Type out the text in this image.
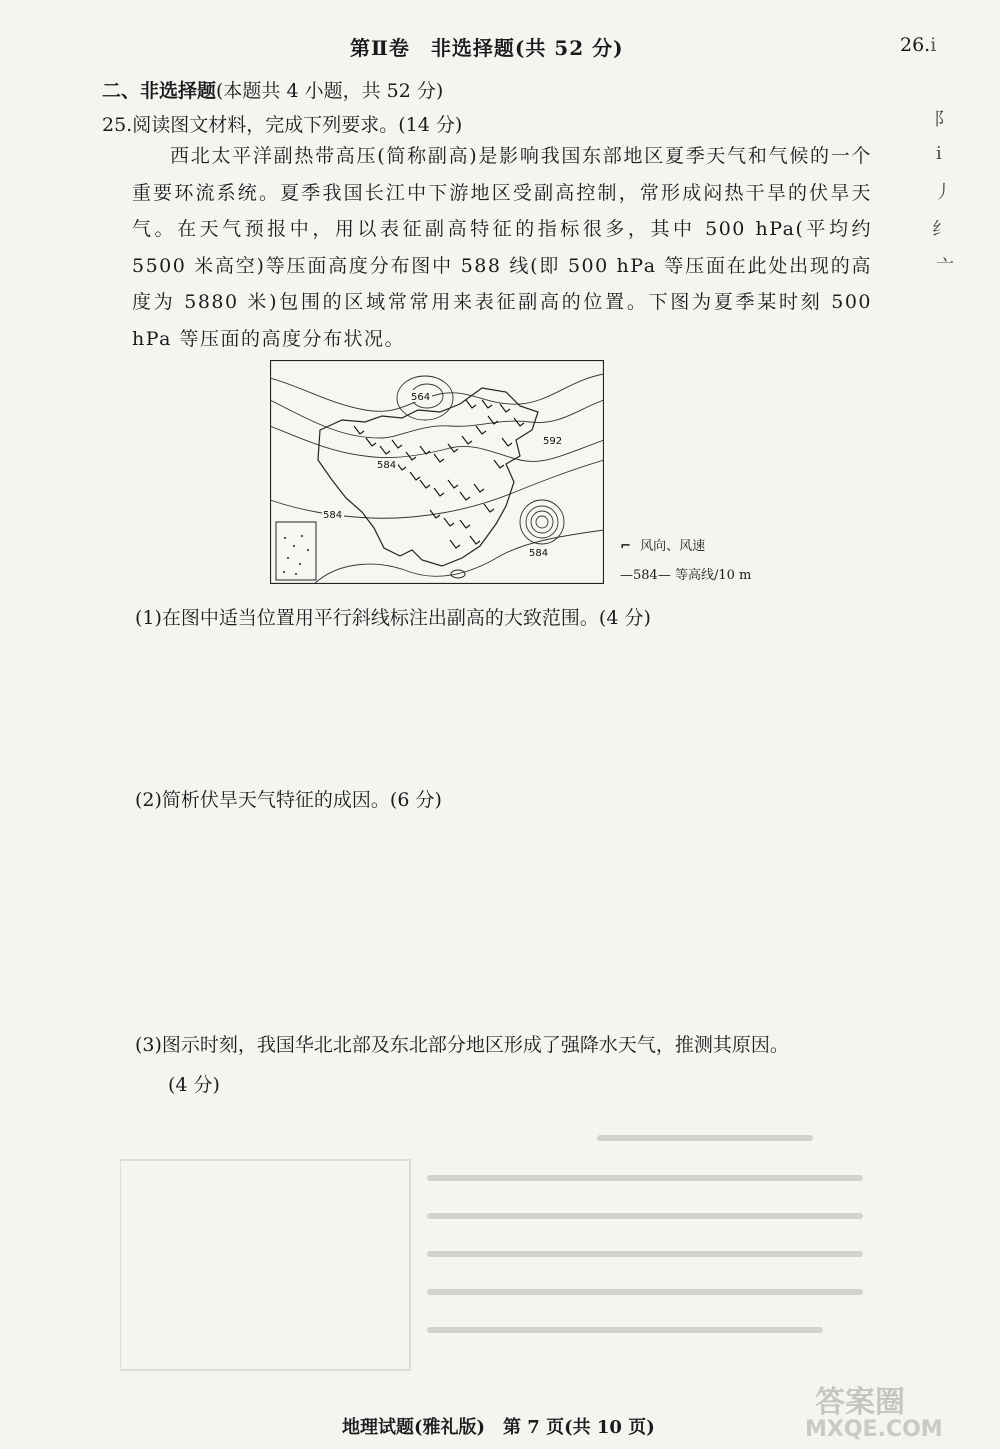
第Ⅱ卷　非选择题(共 52 分)	26.i
二、非选择题(本题共 4 小题，共 52 分)
25.阅读图文材料，完成下列要求。(14 分)
西北太平洋副热带高压(简称副高)是影响我国东部地区夏季天气和气候的一个重要环流系统。夏季我国长江中下游地区受副高控制，常形成闷热干旱的伏旱天气。在天气预报中，用以表征副高特征的指标很多，其中 500 hPa(平均约 5500 米高空)等压面高度分布图中 588 线(即 500 hPa 等压面在此处出现的高度为 5880 米)包围的区域常常用来表征副高的位置。下图为夏季某时刻 500 hPa 等压面的高度分布状况。
阝
i
丿
纟
亠
564
584
592
584
584	⌐ 风向、风速
—584— 等高线/10 m
(1)在图中适当位置用平行斜线标注出副高的大致范围。(4 分)
(2)简析伏旱天气特征的成因。(6 分)
(3)图示时刻，我国华北北部及东北部分地区形成了强降水天气，推测其原因。
(4 分)
地理试题(雅礼版)　第 7 页(共 10 页)
答案圈
MXQE.COM
